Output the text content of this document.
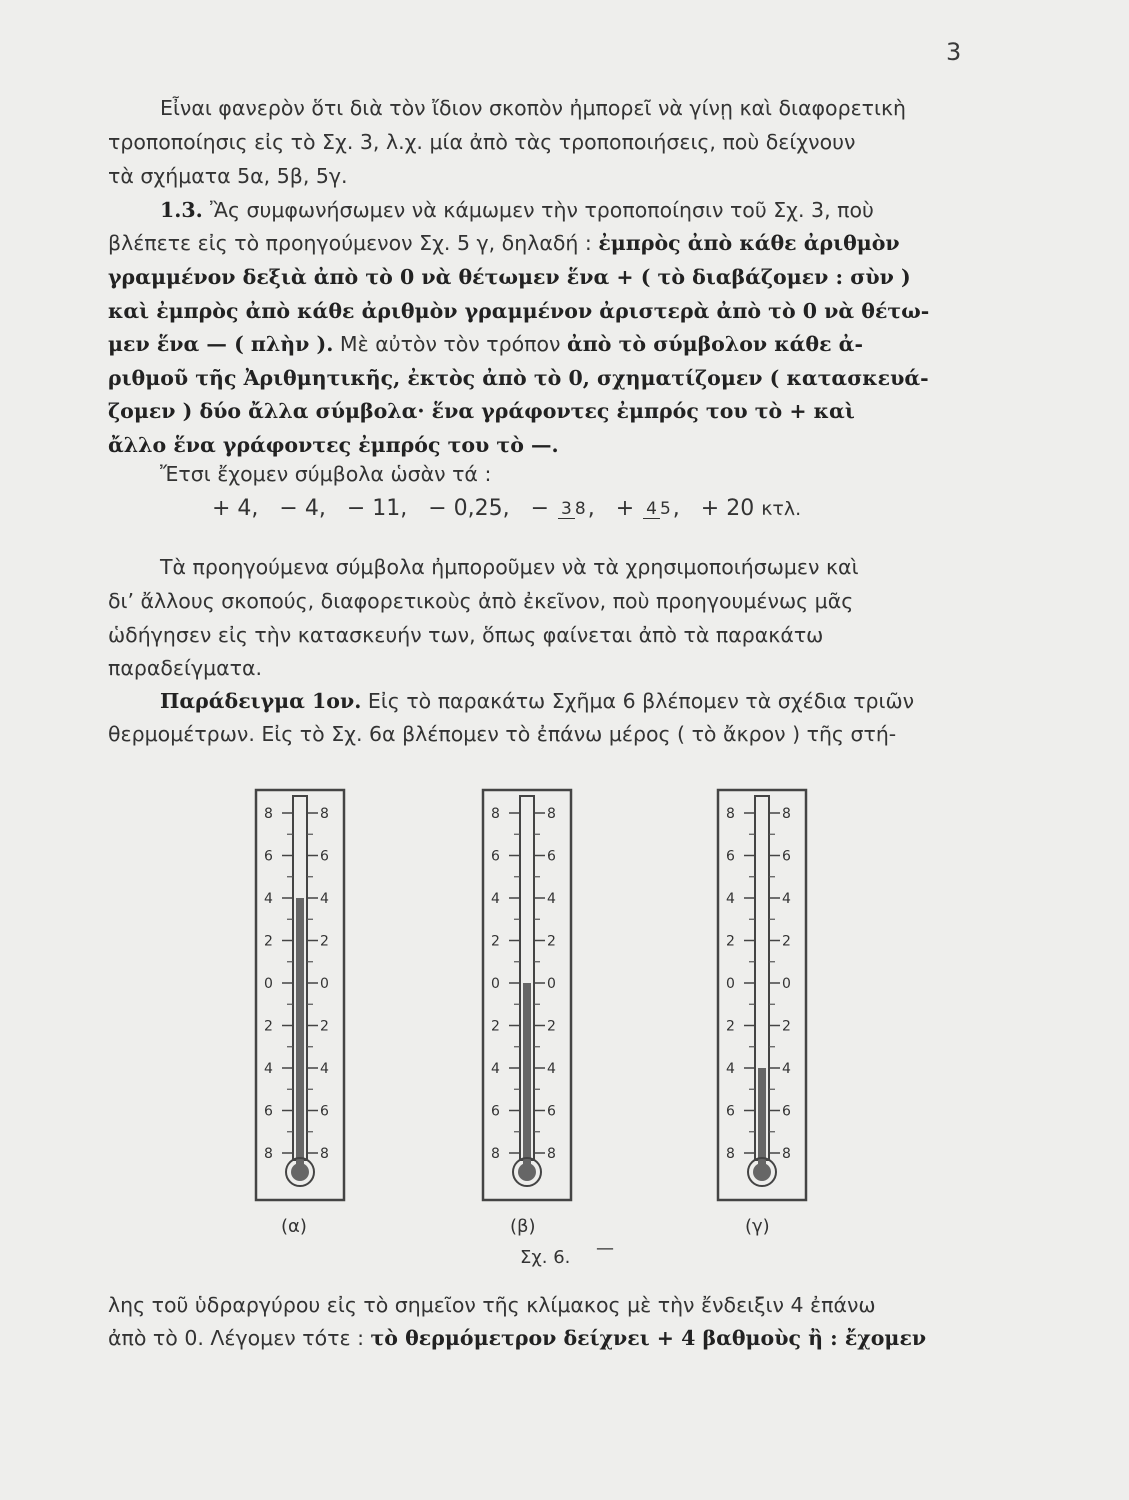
3
Εἶναι φανερὸν ὅτι διὰ τὸν ἴδιον σκοπὸν ἠμπορεῖ νὰ γίνῃ καὶ διαφορετικὴ
τροποποίησις εἰς τὸ Σχ. 3, λ.χ. μία ἀπὸ τὰς τροποποιήσεις, ποὺ δείχνουν
τὰ σχήματα 5α, 5β, 5γ.
1.3. Ἂς συμφωνήσωμεν νὰ κάμωμεν τὴν τροποποίησιν τοῦ Σχ. 3, ποὺ
βλέπετε εἰς τὸ προηγούμενον Σχ. 5 γ, δηλαδή : ἐμπρὸς ἀπὸ κάθε ἀριθμὸν
γραμμένον δεξιὰ ἀπὸ τὸ 0 νὰ θέτωμεν ἕνα + ( τὸ διαβάζομεν : σὺν )
καὶ ἐμπρὸς ἀπὸ κάθε ἀριθμὸν γραμμένον ἀριστερὰ ἀπὸ τὸ 0 νὰ θέτω-
μεν ἕνα — ( πλὴν ). Μὲ αὐτὸν τὸν τρόπον ἀπὸ τὸ σύμβολον κάθε ἀ-
ριθμοῦ τῆς Ἀριθμητικῆς, ἐκτὸς ἀπὸ τὸ 0, σχηματίζομεν ( κατασκευά-
ζομεν ) δύο ἄλλα σύμβολα· ἕνα γράφοντες ἐμπρός του τὸ + καὶ
ἄλλο ἕνα γράφοντες ἐμπρός του τὸ —.
Ἔτσι ἔχομεν σύμβολα ὡσὰν τά :
+ 4, − 4, − 11, − 0,25, − 3 8, + 4 5, + 20 κτλ.
Τὰ προηγούμενα σύμβολα ἠμποροῦμεν νὰ τὰ χρησιμοποιήσωμεν καὶ
δι’ ἄλλους σκοπούς, διαφορετικοὺς ἀπὸ ἐκεῖνον, ποὺ προηγουμένως μᾶς
ὡδήγησεν εἰς τὴν κατασκευήν των, ὅπως φαίνεται ἀπὸ τὰ παρακάτω
παραδείγματα.
Παράδειγμα 1ον. Εἰς τὸ παρακάτω Σχῆμα 6 βλέπομεν τὰ σχέδια τριῶν
θερμομέτρων. Εἰς τὸ Σχ. 6α βλέπομεν τὸ ἐπάνω μέρος ( τὸ ἄκρον ) τῆς στή-
8	8
6	6
4	4
2	2
0	0
2	2
4	4
6	6
8	8
8	8
6	6
4	4
2	2
0	0
2	2
4	4
6	6
8	8
8	8
6	6
4	4
2	2
0	0
2	2
4	4
6	6
8	8
(α)	(β)	(γ)
Σχ. 6. —
λης τοῦ ὑδραργύρου εἰς τὸ σημεῖον τῆς κλίμακος μὲ τὴν ἔνδειξιν 4 ἐπάνω
ἀπὸ τὸ 0. Λέγομεν τότε : τὸ θερμόμετρον δείχνει + 4 βαθμοὺς ἢ : ἔχομεν
